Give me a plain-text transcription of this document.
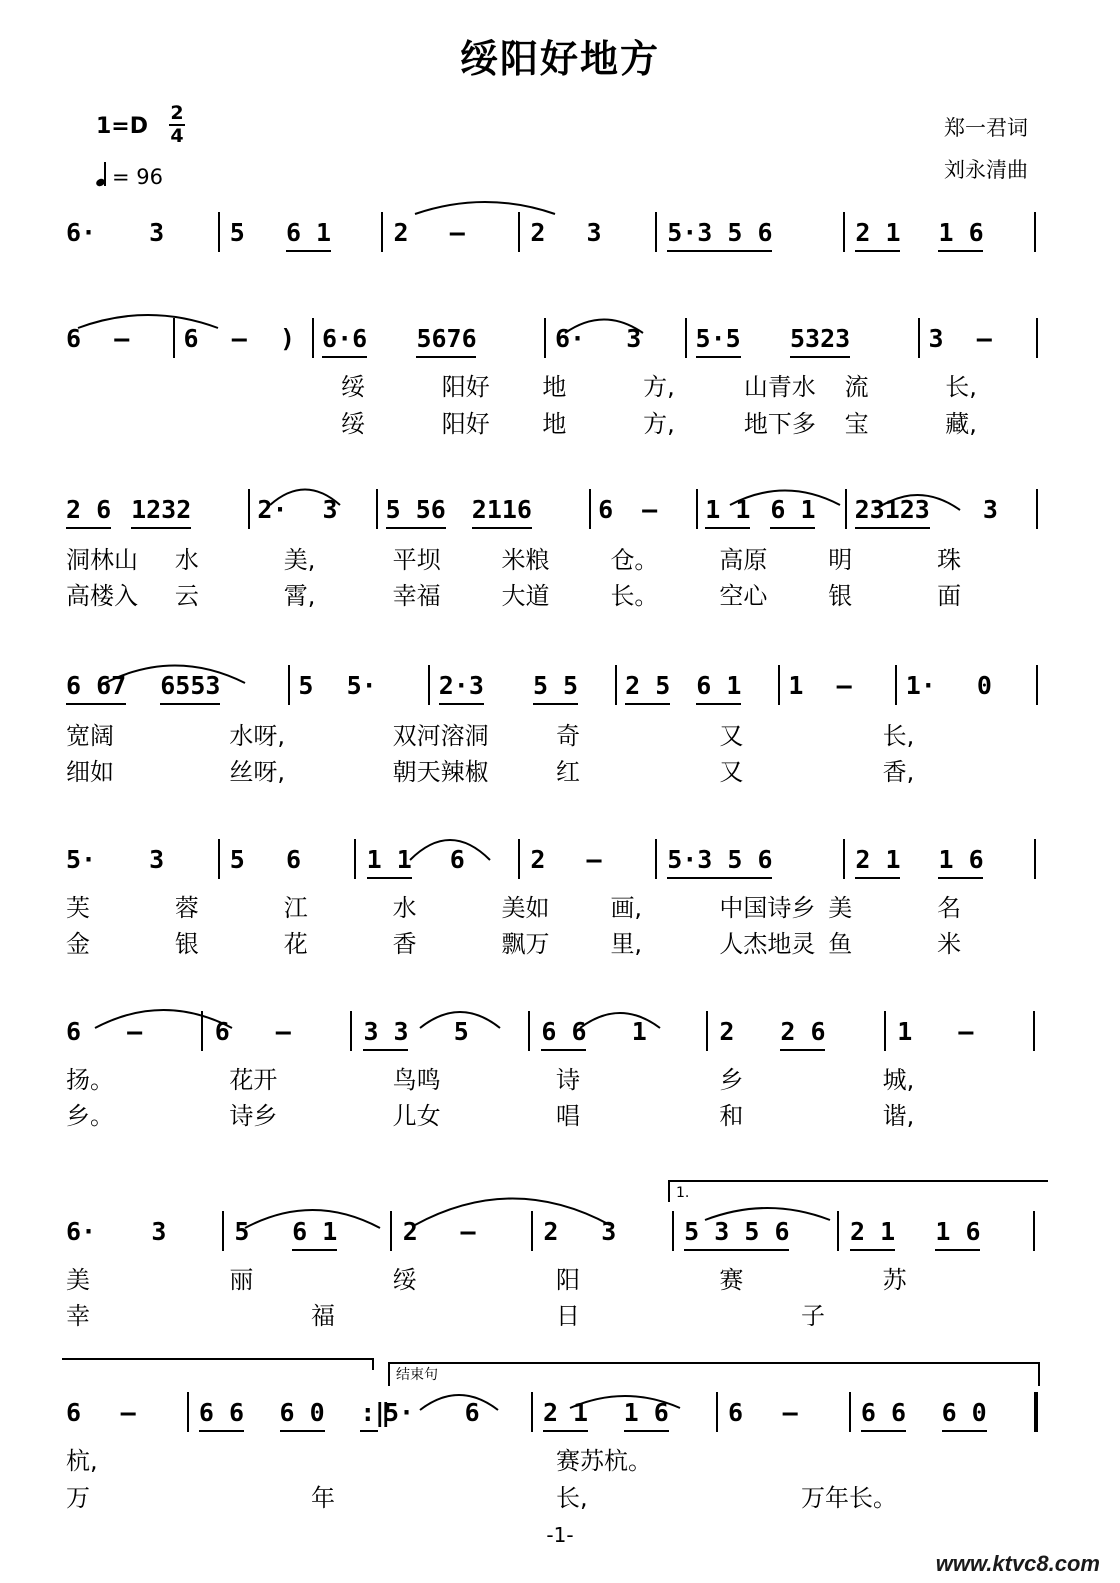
绥阳好地方
1=D
2
4
= 96
郑一君词
刘永清曲
6· 3	5 6 1 2 –	2 3	5·3 5 6	2 1 1 6
6 – 6 – ) 6·6 5676	6· 3 5·5 5323	3 –
绥	阳好 地	方,	山青水 流	长,
绥	阳好 地	方,	地下多 宝	藏,
2 6 1232	2· 3 5 56 2116	6 – 1 1 6 1 23123 3
洞林山 水	美,	平坝	米粮	仓。	高原	明	珠
高楼入 云	霄,	幸福	大道	长。	空心	银	面
6 67 6553	5 5· 2·3 5 5 2 5 6 1 1 – 1· 0
宽阔	水呀,	双河溶洞	奇	又	长,
细如	丝呀,	朝天辣椒	红	又	香,
5· 3	5 6	1 1 6	2 –	5·3 5 6	2 1 1 6
芙	蓉	江	水	美如	画,	中国诗乡 美	名
金	银	花	香	飘万	里,	人杰地灵 鱼	米
6 –	6 –	3 3 5	6 6 1	2 2 6	1 –
扬。	花开	鸟鸣	诗	乡	城,
乡。	诗乡	儿女	唱	和	谐,
6· 3	5 6 1	2 –	2 3	5 3 5 6 2 1 1 6
美	丽	绥	阳	赛	苏
幸	福	日	子
1.
6 –	6 6 6 0 :‖
5· 6	2 1 1 6 6 –	6 6 6 0
杭,	赛苏杭。
万	年	长,	万年长。
结束句
-1-
www.ktvc8.com
